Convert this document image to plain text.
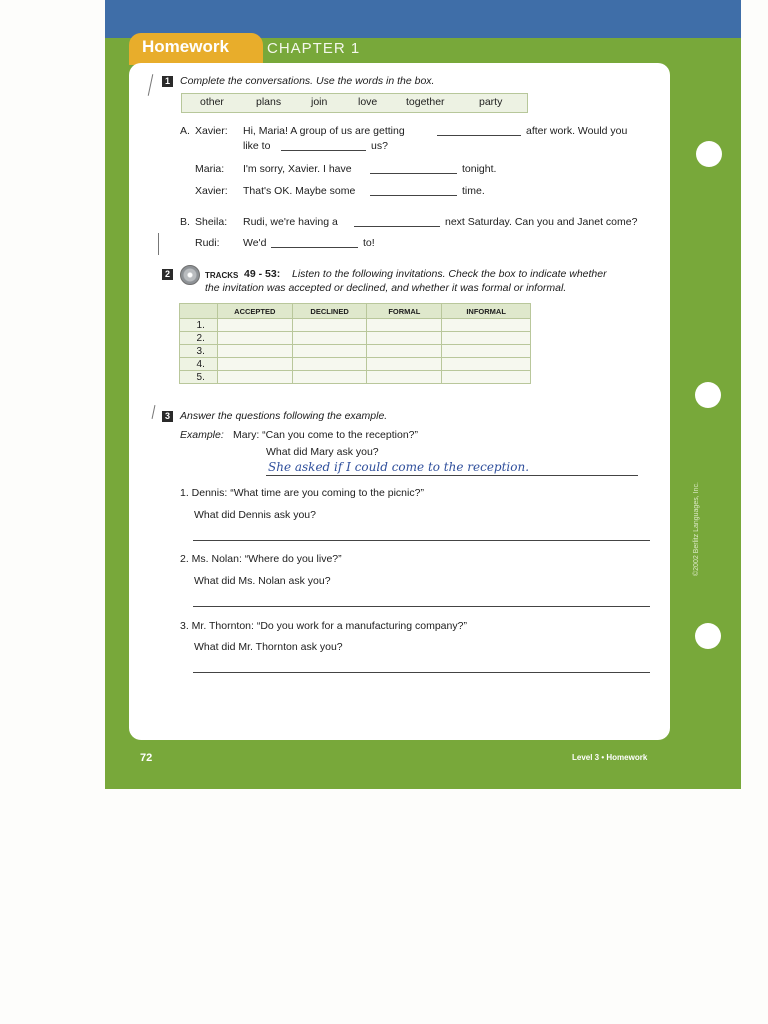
Homework	CHAPTER 1
1 Complete the conversations. Use the words in the box.
other	plans	join	love	together	party
A. Xavier: Hi, Maria! A group of us are getting	after work. Would you
like to	us?
Maria: I'm sorry, Xavier. I have	tonight.
Xavier: That's OK. Maybe some	time.
B. Sheila: Rudi, we're having a	next Saturday. Can you and Janet come?
Rudi: We'd	to!
2	TRACKS 49 - 53: Listen to the following invitations. Check the box to indicate whether
the invitation was accepted or declined, and whether it was formal or informal.
	ACCEPTED	DECLINED	FORMAL	INFORMAL
1.				
2.				
3.				
4.				
5.				
3 Answer the questions following the example.
Example: Mary: “Can you come to the reception?”
What did Mary ask you?
She asked if I could come to the reception.
1. Dennis: “What time are you coming to the picnic?”
What did Dennis ask you?
2. Ms. Nolan: “Where do you live?”
What did Ms. Nolan ask you?
3. Mr. Thornton: “Do you work for a manufacturing company?”
What did Mr. Thornton ask you?
©2002 Berlitz Languages, Inc.
72	Level 3 • Homework
